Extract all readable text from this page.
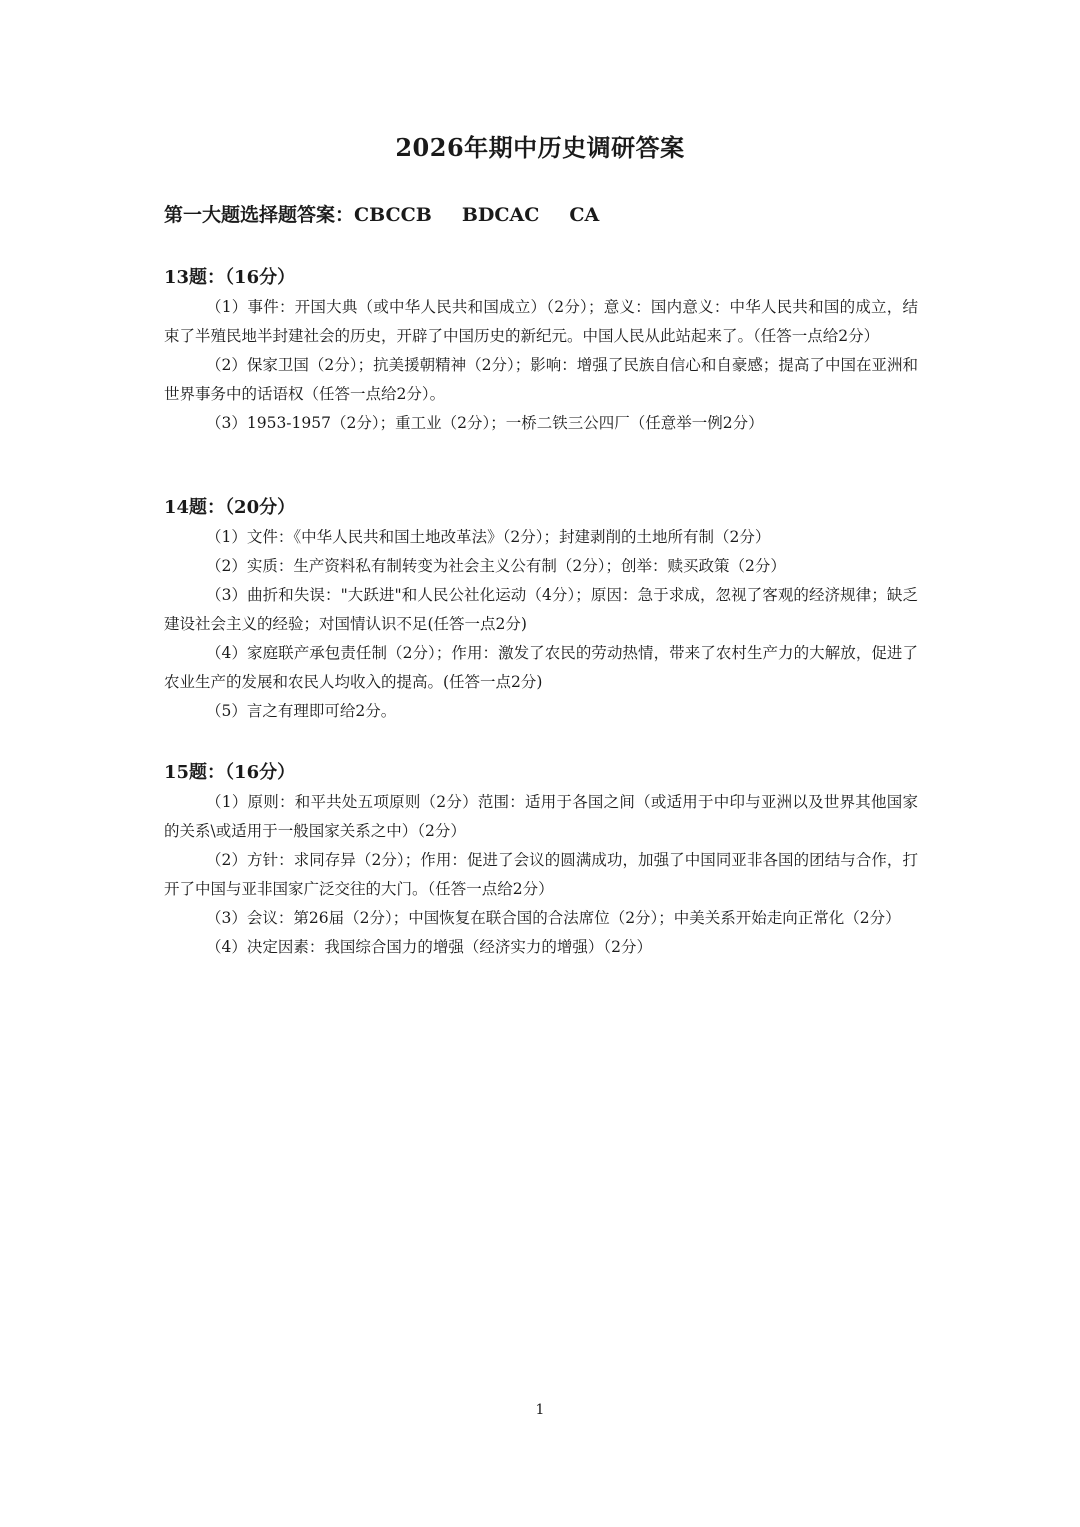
2026年期中历史调研答案
第一大题选择题答案：CBCCB BDCAC CA
13题：（16分）

（1）事件：开国大典（或中华人民共和国成立）（2分）；意义：国内意义：中华人民共和国的成立，结束了半殖民地半封建社会的历史，开辟了中国历史的新纪元。中国人民从此站起来了。（任答一点给2分）

（2）保家卫国（2分）；抗美援朝精神（2分）；影响：增强了民族自信心和自豪感；提高了中国在亚洲和世界事务中的话语权（任答一点给2分）。

（3）1953-1957（2分）；重工业（2分）；一桥二铁三公四厂（任意举一例2分）

14题：（20分）

（1）文件：《中华人民共和国土地改革法》（2分）；封建剥削的土地所有制（2分）

（2）实质：生产资料私有制转变为社会主义公有制（2分）；创举：赎买政策（2分）

（3）曲折和失误："大跃进"和人民公社化运动（4分）；原因：急于求成，忽视了客观的经济规律；缺乏建设社会主义的经验；对国情认识不足(任答一点2分)

（4）家庭联产承包责任制（2分）；作用：激发了农民的劳动热情，带来了农村生产力的大解放，促进了农业生产的发展和农民人均收入的提高。(任答一点2分)

（5）言之有理即可给2分。

15题：（16分）

（1）原则：和平共处五项原则（2分）范围：适用于各国之间（或适用于中印与亚洲以及世界其他国家的关系\或适用于一般国家关系之中）（2分）

（2）方针：求同存异（2分）；作用：促进了会议的圆满成功，加强了中国同亚非各国的团结与合作，打开了中国与亚非国家广泛交往的大门。（任答一点给2分）

（3）会议：第26届（2分）；中国恢复在联合国的合法席位（2分）；中美关系开始走向正常化（2分）

（4）决定因素：我国综合国力的增强（经济实力的增强）（2分）

1
